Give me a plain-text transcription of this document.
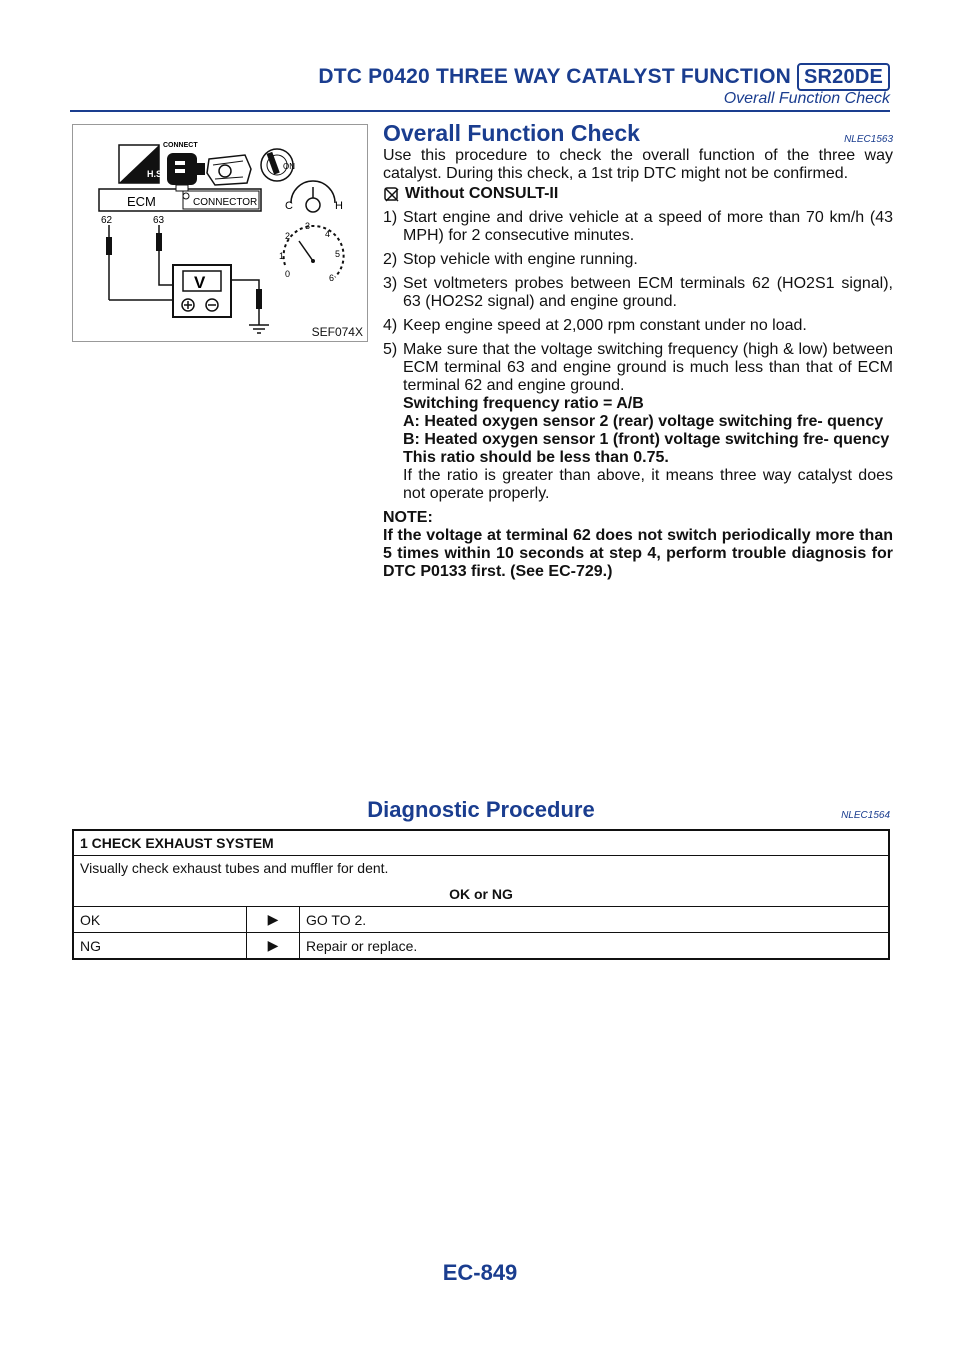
DTC P0420 THREE WAY CATALYST FUNCTION SR20DE
Overall Function Check
H.S.
CONNECT
ON
ECM	CONNECTOR
62	63
V
C	H
0
1
2
3
4
5
6
SEF074X
Overall Function Check	NLEC1563

Use this procedure to check the overall function of the three way catalyst. During this check, a 1st trip DTC might not be confirmed.

Without CONSULT-II
1) Start engine and drive vehicle at a speed of more than 70 km/h (43 MPH) for 2 consecutive minutes.
2) Stop vehicle with engine running.
3) Set voltmeters probes between ECM terminals 62 (HO2S1 signal), 63 (HO2S2 signal) and engine ground.
4) Keep engine speed at 2,000 rpm constant under no load.
5) Make sure that the voltage switching frequency (high & low) between ECM terminal 63 and engine ground is much less than that of ECM terminal 62 and engine ground.

Switching frequency ratio = A/B

A: Heated oxygen sensor 2 (rear) voltage switching fre- quency

B: Heated oxygen sensor 1 (front) voltage switching fre- quency

This ratio should be less than 0.75.

If the ratio is greater than above, it means three way catalyst does not operate properly.

NOTE:

If the voltage at terminal 62 does not switch periodically more than 5 times within 10 seconds at step 4, perform trouble diagnosis for DTC P0133 first. (See EC-729.)

Diagnostic Procedure	NLEC1564
1 CHECK EXHAUST SYSTEM		

Visually check exhaust tubes and muffler for dent.
OK or NG		

OK	▶	GO TO 2.
NG	▶	Repair or replace.
EC-849
